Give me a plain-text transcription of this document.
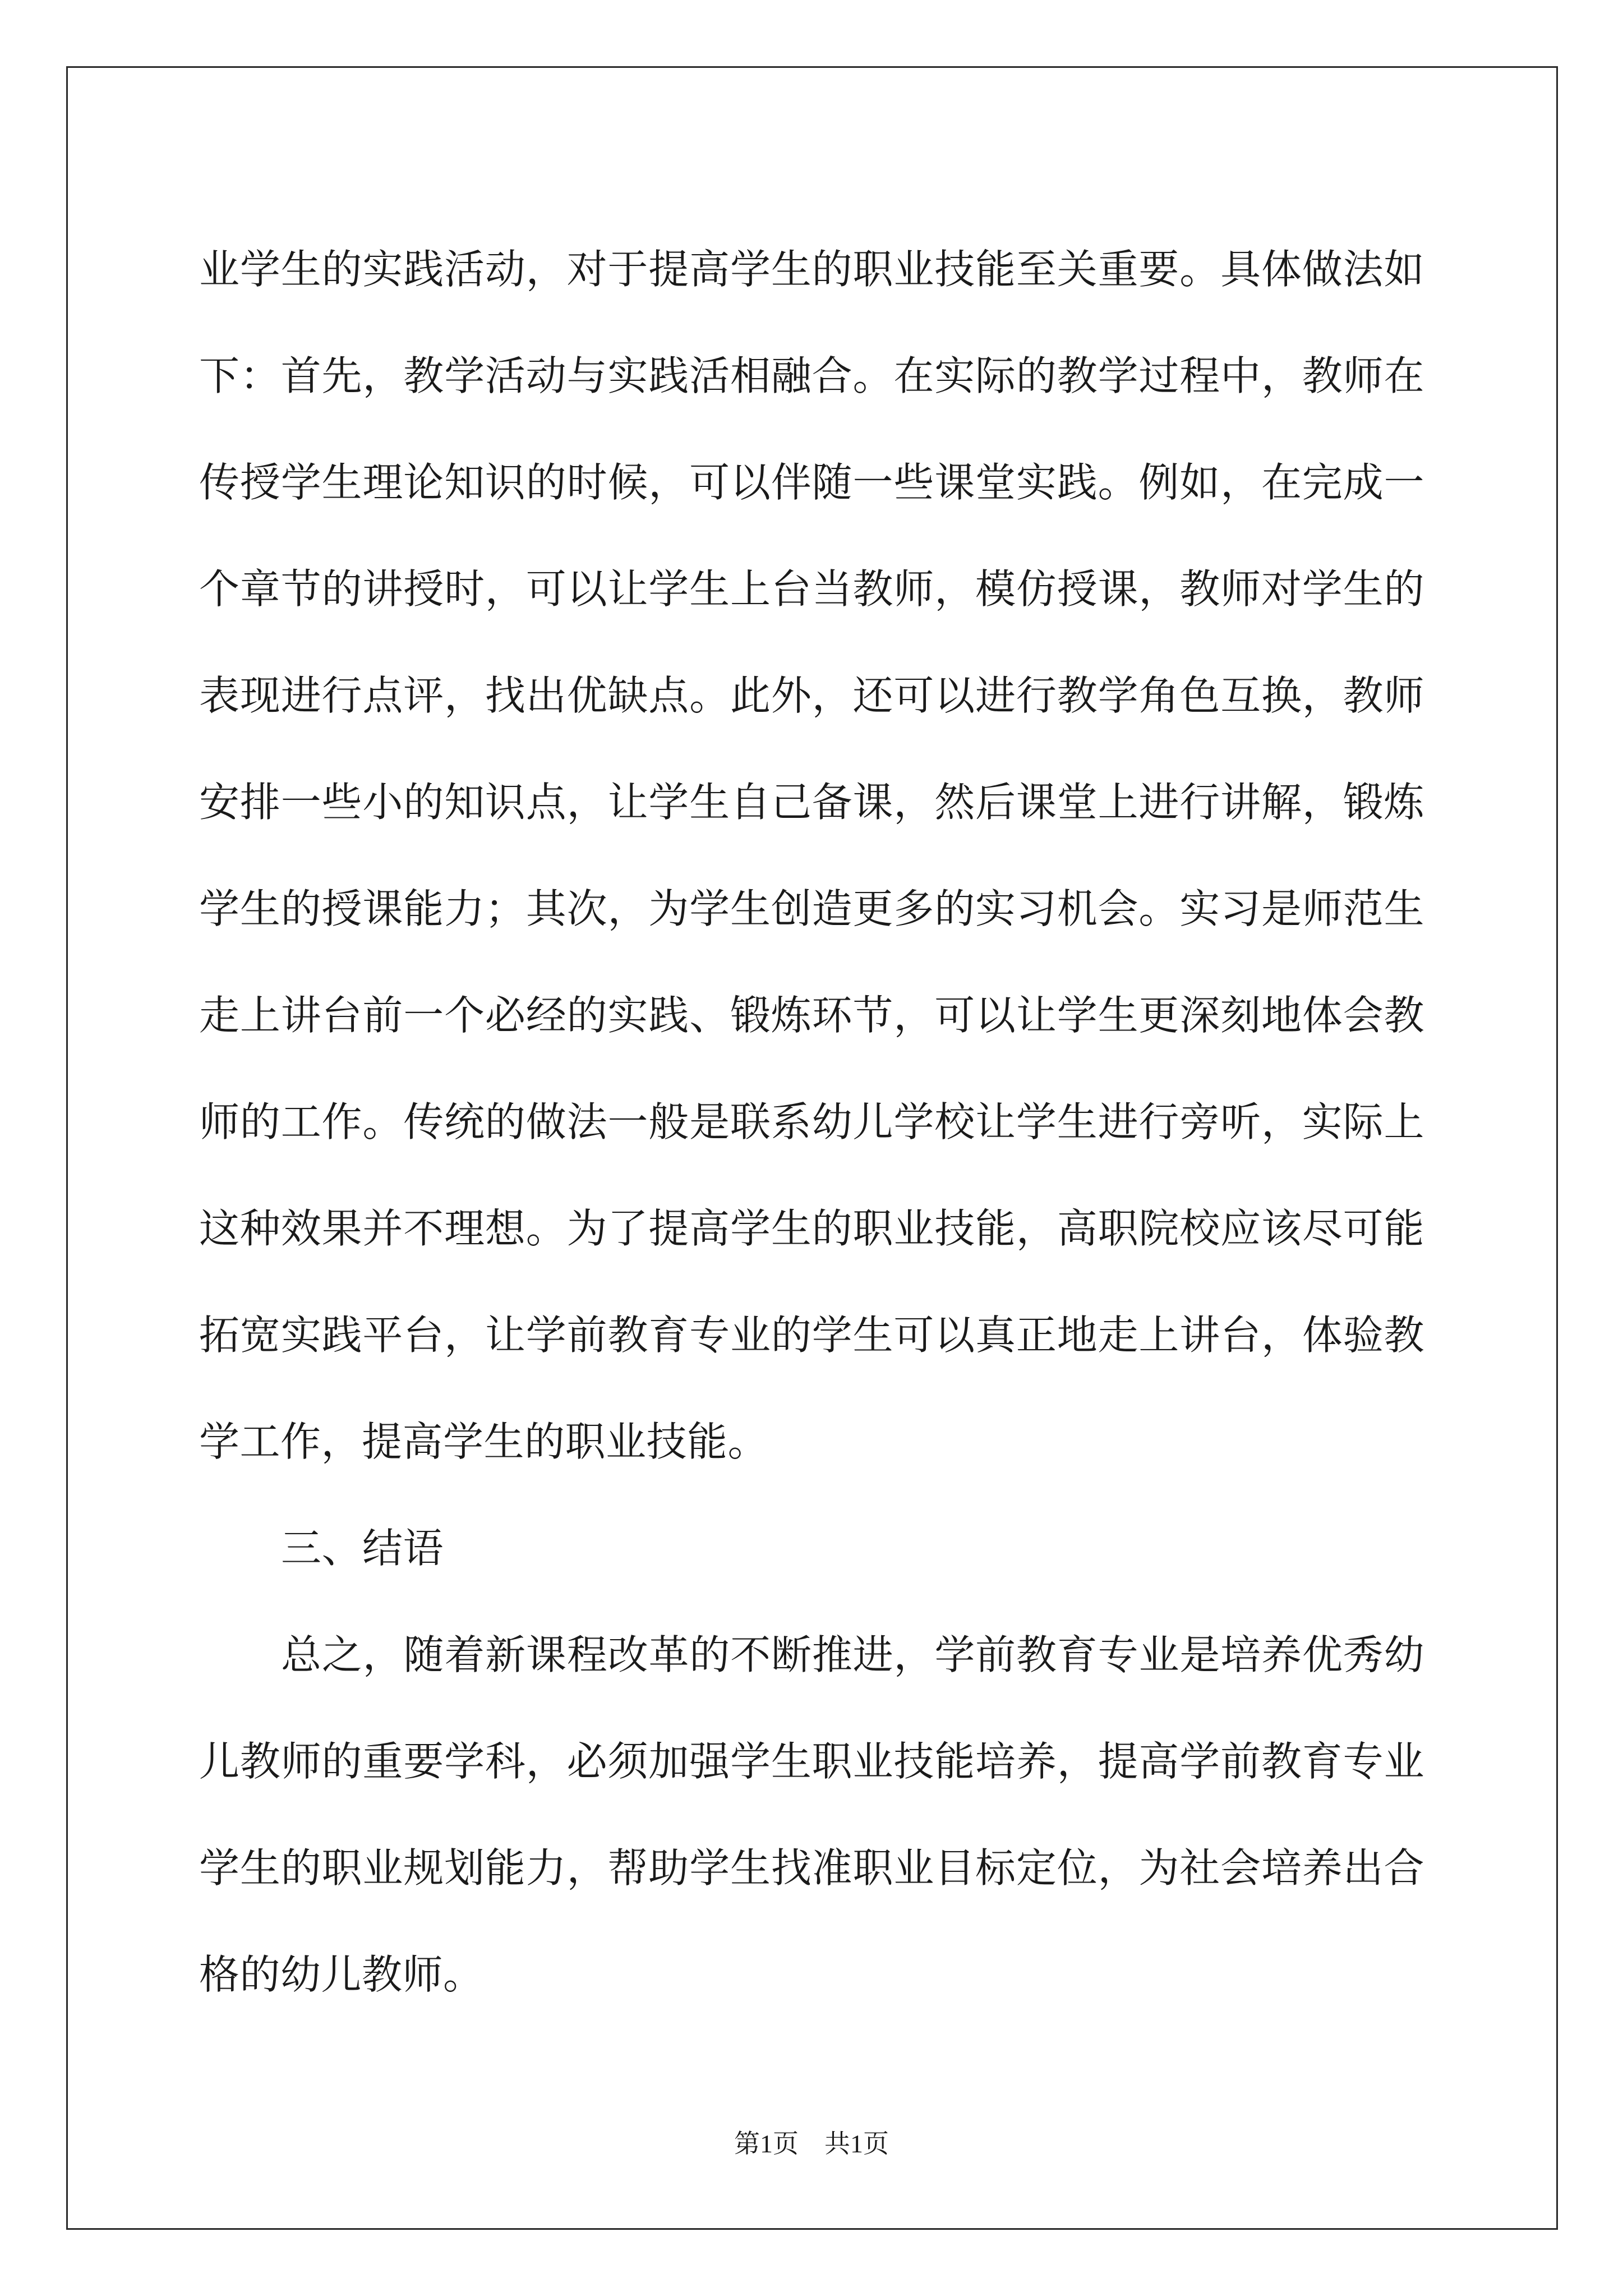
业学生的实践活动，对于提高学生的职业技能至关重要。具体做法如
下：首先，教学活动与实践活相融合。在实际的教学过程中，教师在
传授学生理论知识的时候，可以伴随一些课堂实践。例如，在完成一
个章节的讲授时，可以让学生上台当教师，模仿授课，教师对学生的
表现进行点评，找出优缺点。此外，还可以进行教学角色互换，教师
安排一些小的知识点，让学生自己备课，然后课堂上进行讲解，锻炼
学生的授课能力；其次，为学生创造更多的实习机会。实习是师范生
走上讲台前一个必经的实践、锻炼环节，可以让学生更深刻地体会教
师的工作。传统的做法一般是联系幼儿学校让学生进行旁听，实际上
这种效果并不理想。为了提高学生的职业技能，高职院校应该尽可能
拓宽实践平台，让学前教育专业的学生可以真正地走上讲台，体验教
学工作，提高学生的职业技能。
三、结语
总之，随着新课程改革的不断推进，学前教育专业是培养优秀幼
儿教师的重要学科，必须加强学生职业技能培养，提高学前教育专业
学生的职业规划能力，帮助学生找准职业目标定位，为社会培养出合
格的幼儿教师。
第1页　共1页
